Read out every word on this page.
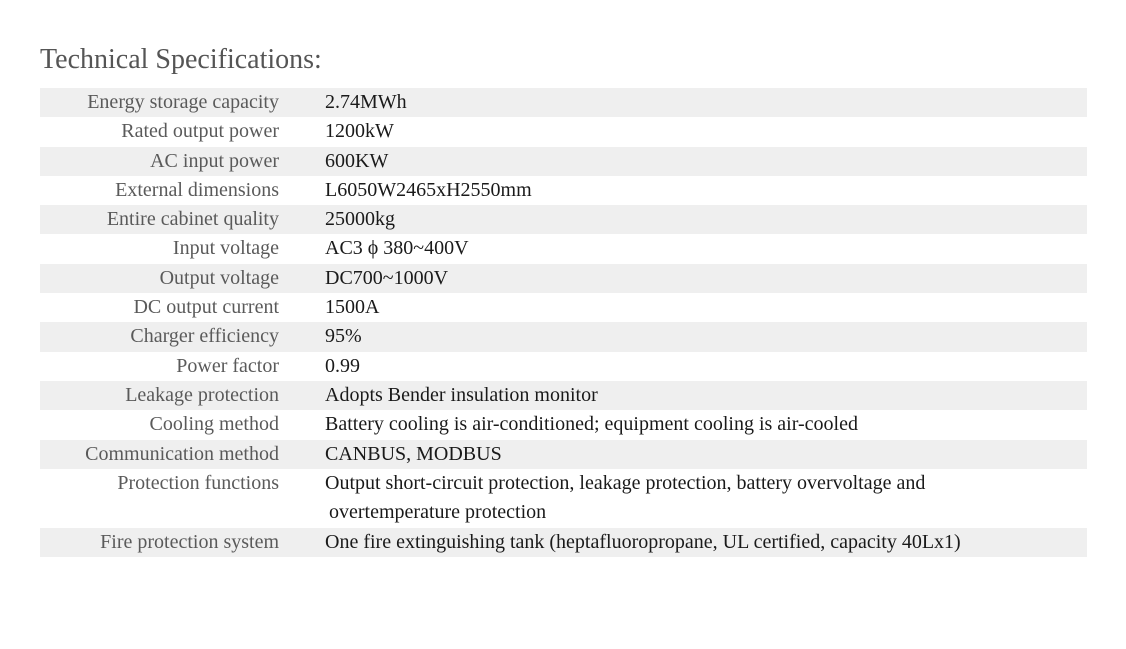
Technical Specifications:
Energy storage capacity 2.74MWh
Rated output power 1200kW
AC input power 600KW
External dimensions L6050W2465xH2550mm
Entire cabinet quality 25000kg
Input voltage AC3 ϕ 380~400V
Output voltage DC700~1000V
DC output current 1500A
Charger efficiency 95%
Power factor 0.99
Leakage protection Adopts Bender insulation monitor
Cooling method Battery cooling is air-conditioned; equipment cooling is air-cooled
Communication method CANBUS, MODBUS
Protection functions Output short-circuit protection, leakage protection, battery overvoltage and
overtemperature protection
Fire protection system One fire extinguishing tank (heptafluoropropane, UL certified, capacity 40Lx1)
